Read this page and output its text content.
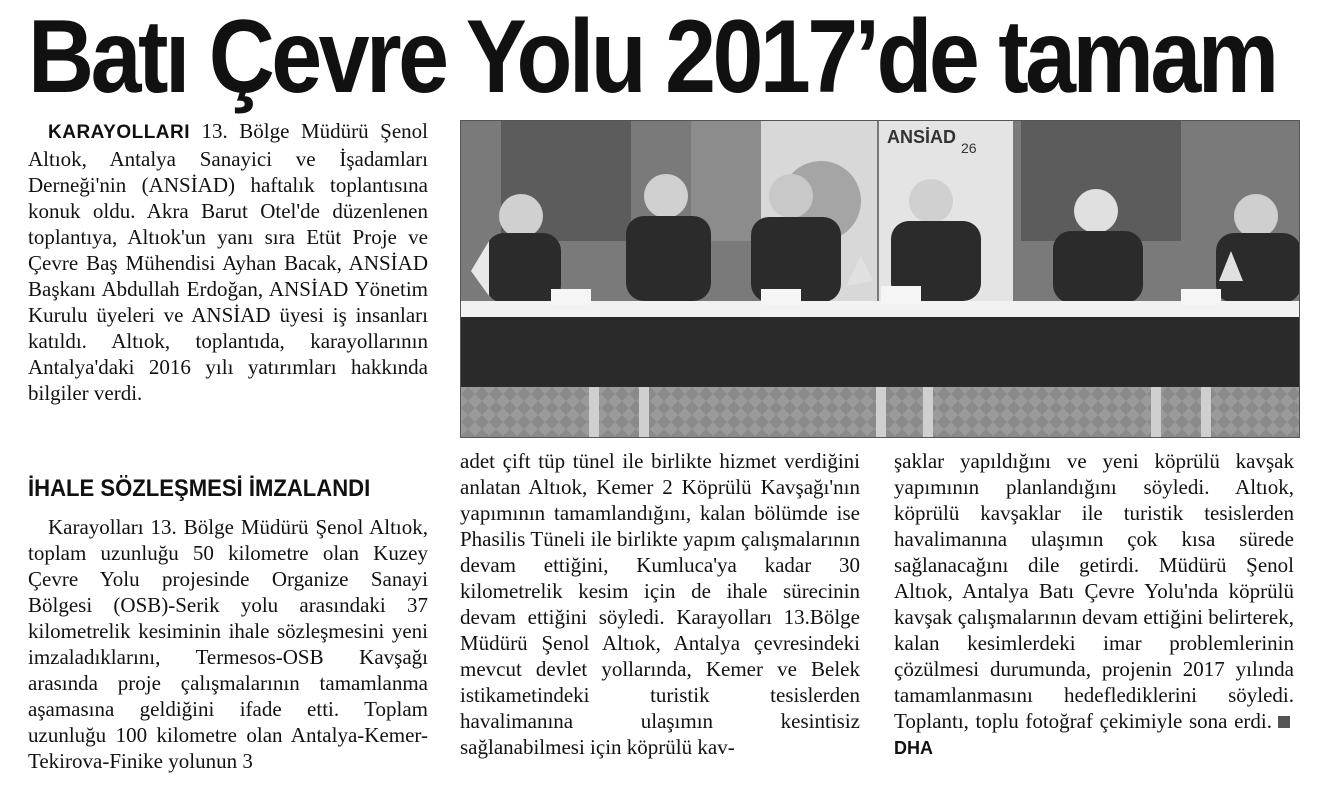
Batı Çevre Yolu 2017’de tamam

KARAYOLLARI 13. Bölge Müdürü Şenol Altıok, Antalya Sanayici ve İşadamları Derneği'nin (ANSİAD) haftalık toplantısına konuk oldu. Akra Barut Otel'de düzenlenen toplantıya, Altıok'un yanı sıra Etüt Proje ve Çevre Baş Mühendisi Ayhan Bacak, ANSİAD Başkanı Abdullah Erdoğan, ANSİAD Yönetim Kurulu üyeleri ve ANSİAD üyesi iş insanları katıldı. Altıok, toplantıda, karayollarının Antalya'daki 2016 yılı yatırımları hakkında bilgiler verdi.

İHALE SÖZLEŞMESİ İMZALANDI

Karayolları 13. Bölge Müdürü Şenol Altıok, toplam uzunluğu 50 kilometre olan Kuzey Çevre Yolu projesinde Organize Sanayi Bölgesi (OSB)-Serik yolu arasındaki 37 kilometrelik kesiminin ihale sözleşmesini yeni imzaladıklarını, Termesos-OSB Kavşağı arasında proje çalışmalarının tamamlanma aşamasına geldiğini ifade etti. Toplam uzunluğu 100 kilometre olan Antalya-Kemer-Tekirova-Finike yolunun 3

ANSİAD
26

adet çift tüp tünel ile birlikte hizmet verdiğini anlatan Altıok, Kemer 2 Köprülü Kavşağı'nın yapımının tamamlandığını, kalan bölümde ise Phasilis Tüneli ile birlikte yapım çalışmalarının devam ettiğini, Kumluca'ya kadar 30 kilometrelik kesim için de ihale sürecinin devam ettiğini söyledi. Karayolları 13.Bölge Müdürü Şenol Altıok, Antalya çevresindeki mevcut devlet yollarında, Kemer ve Belek istikametindeki turistik tesislerden havalimanına ulaşımın kesintisiz sağlanabilmesi için köprülü kav-

şaklar yapıldığını ve yeni köprülü kavşak yapımının planlandığını söyledi. Altıok, köprülü kavşaklar ile turistik tesislerden havalimanına ulaşımın çok kısa sürede sağlanacağını dile getirdi. Müdürü Şenol Altıok, Antalya Batı Çevre Yolu'nda köprülü kavşak çalışmalarının devam ettiğini belirterek, kalan kesimlerdeki imar problemlerinin çözülmesi durumunda, projenin 2017 yılında tamamlanmasını hedeflediklerini söyledi. Toplantı, toplu fotoğraf çekimiyle sona erdi.DHA
